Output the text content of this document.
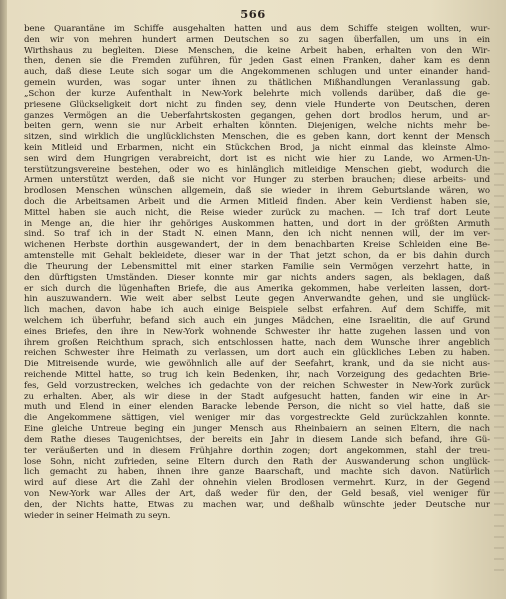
566
bene Quarantäne im Schiffe ausgehalten hatten und aus dem Schiffe steigen wollten, wur-
den wir von mehren hundert armen Deutschen so zu sagen überfallen, um uns in ein
Wirthshaus zu begleiten. Diese Menschen, die keine Arbeit haben, erhalten von den Wir-
then, denen sie die Fremden zuführen, für jeden Gast einen Franken, daher kam es denn
auch, daß diese Leute sich sogar um die Angekommenen schlugen und unter einander hand-
gemein wurden, was sogar unter ihnen zu thätlichen Mißhandlungen Veranlassung gab.
„Schon der kurze Aufenthalt in New-York belehrte mich vollends darüber, daß die ge-
priesene Glückseligkeit dort nicht zu finden sey, denn viele Hunderte von Deutschen, deren
ganzes Vermögen an die Ueberfahrtskosten gegangen, gehen dort brodlos herum, und ar-
beiten gern, wenn sie nur Arbeit erhalten könnten. Diejenigen, welche nichts mehr be-
sitzen, sind wirklich die unglücklichsten Menschen, die es geben kann, dort kennt der Mensch
kein Mitleid und Erbarmen, nicht ein Stückchen Brod, ja nicht einmal das kleinste Almo-
sen wird dem Hungrigen verabreicht, dort ist es nicht wie hier zu Lande, wo Armen-Un-
terstützungsvereine bestehen, oder wo es hinlänglich mitleidige Menschen giebt, wodurch die
Armen unterstützt werden, daß sie nicht vor Hunger zu sterben brauchen; diese arbeits- und
brodlosen Menschen wünschen allgemein, daß sie wieder in ihrem Geburtslande wären, wo
doch die Arbeitsamen Arbeit und die Armen Mitleid finden. Aber kein Verdienst haben sie,
Mittel haben sie auch nicht, die Reise wieder zurück zu machen. — Ich traf dort Leute
in Menge an, die hier ihr gehöriges Auskommen hatten, und dort in der größten Armuth
sind. So traf ich in der Stadt N. einen Mann, den ich nicht nennen will, der im ver-
wichenen Herbste dorthin ausgewandert, der in dem benachbarten Kreise Schleiden eine Be-
amtenstelle mit Gehalt bekleidete, dieser war in der That jetzt schon, da er bis dahin durch
die Theurung der Lebensmittel mit einer starken Familie sein Vermögen verzehrt hatte, in
den dürftigsten Umständen. Dieser konnte mir gar nichts anders sagen, als beklagen, daß
er sich durch die lügenhaften Briefe, die aus Amerika gekommen, habe verleiten lassen, dort-
hin auszuwandern. Wie weit aber selbst Leute gegen Anverwandte gehen, und sie unglück-
lich machen, davon habe ich auch einige Beispiele selbst erfahren. Auf dem Schiffe, mit
welchem ich überfuhr, befand sich auch ein junges Mädchen, eine Israelitin, die auf Grund
eines Briefes, den ihre in New-York wohnende Schwester ihr hatte zugehen lassen und von
ihrem großen Reichthum sprach, sich entschlossen hatte, nach dem Wunsche ihrer angeblich
reichen Schwester ihre Heimath zu verlassen, um dort auch ein glückliches Leben zu haben.
Die Mitreisende wurde, wie gewöhnlich alle auf der Seefahrt, krank, und da sie nicht aus-
reichende Mittel hatte, so trug ich kein Bedenken, ihr, nach Vorzeigung des gedachten Brie-
fes, Geld vorzustrecken, welches ich gedachte von der reichen Schwester in New-York zurück
zu erhalten. Aber, als wir diese in der Stadt aufgesucht hatten, fanden wir eine in Ar-
muth und Elend in einer elenden Baracke lebende Person, die nicht so viel hatte, daß sie
die Angekommene sättigen, viel weniger mir das vorgestreckte Geld zurückzahlen konnte.
Eine gleiche Untreue beging ein junger Mensch aus Rheinbaiern an seinen Eltern, die nach
dem Rathe dieses Taugenichtses, der bereits ein Jahr in diesem Lande sich befand, ihre Gü-
ter veräußerten und in diesem Frühjahre dorthin zogen; dort angekommen, stahl der treu-
lose Sohn, nicht zufrieden, seine Eltern durch den Rath der Auswanderung schon unglück-
lich gemacht zu haben, ihnen ihre ganze Baarschaft, und machte sich davon. Natürlich
wird auf diese Art die Zahl der ohnehin vielen Brodlosen vermehrt. Kurz, in der Gegend
von New-York war Alles der Art, daß weder für den, der Geld besaß, viel weniger für
den, der Nichts hatte, Etwas zu machen war, und deßhalb wünschte jeder Deutsche nur
wieder in seiner Heimath zu seyn.
